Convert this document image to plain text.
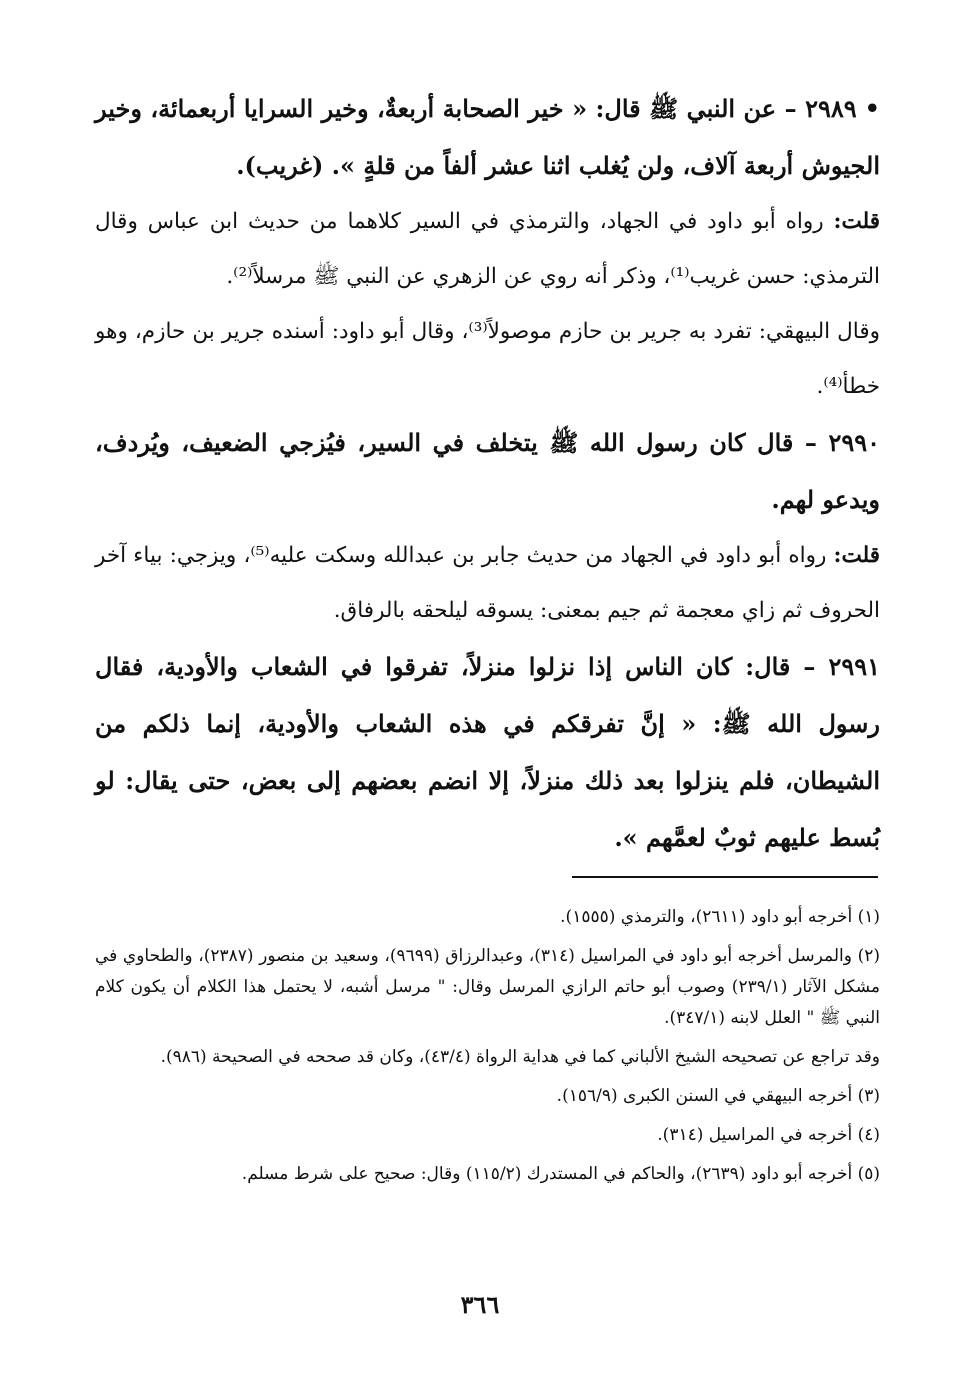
•٢٩٨٩ – عن النبي ﷺ قال: « خير الصحابة أربعةٌ، وخير السرايا أربعمائة، وخير الجيوش أربعة آلاف، ولن يُغلب اثنا عشر ألفاً من قلةٍ ». (غريب).

قلت: رواه أبو داود في الجهاد، والترمذي في السير كلاهما من حديث ابن عباس وقال الترمذي: حسن غريب⁽¹⁾، وذكر أنه روي عن الزهري عن النبي ﷺ مرسلاً⁽²⁾.

وقال البيهقي: تفرد به جرير بن حازم موصولاً⁽³⁾، وقال أبو داود: أسنده جرير بن حازم، وهو خطأ⁽⁴⁾.

٢٩٩٠ – قال كان رسول الله ﷺ يتخلف في السير، فيُزجي الضعيف، ويُردف، ويدعو لهم.

قلت: رواه أبو داود في الجهاد من حديث جابر بن عبدالله وسكت عليه⁽⁵⁾، ويزجي: بياء آخر الحروف ثم زاي معجمة ثم جيم بمعنى: يسوقه ليلحقه بالرفاق.

٢٩٩١ – قال: كان الناس إذا نزلوا منزلاً، تفرقوا في الشعاب والأودية، فقال رسول الله ﷺ: « إنَّ تفرقكم في هذه الشعاب والأودية، إنما ذلكم من الشيطان، فلم ينزلوا بعد ذلك منزلاً، إلا انضم بعضهم إلى بعض، حتى يقال: لو بُسط عليهم ثوبٌ لعمَّهم ».

(١) أخرجه أبو داود (٢٦١١)، والترمذي (١٥٥٥).

(٢) والمرسل أخرجه أبو داود في المراسيل (٣١٤)، وعبدالرزاق (٩٦٩٩)، وسعيد بن منصور (٢٣٨٧)، والطحاوي في مشكل الآثار (٢٣٩/١) وصوب أبو حاتم الرازي المرسل وقال: " مرسل أشبه، لا يحتمل هذا الكلام أن يكون كلام النبي ﷺ " العلل لابنه (٣٤٧/١).

وقد تراجع عن تصحيحه الشيخ الألباني كما في هداية الرواة (٤٣/٤)، وكان قد صححه في الصحيحة (٩٨٦).

(٣) أخرجه البيهقي في السنن الكبرى (١٥٦/٩).

(٤) أخرجه في المراسيل (٣١٤).

(٥) أخرجه أبو داود (٢٦٣٩)، والحاكم في المستدرك (١١٥/٢) وقال: صحيح على شرط مسلم.

٣٦٦
